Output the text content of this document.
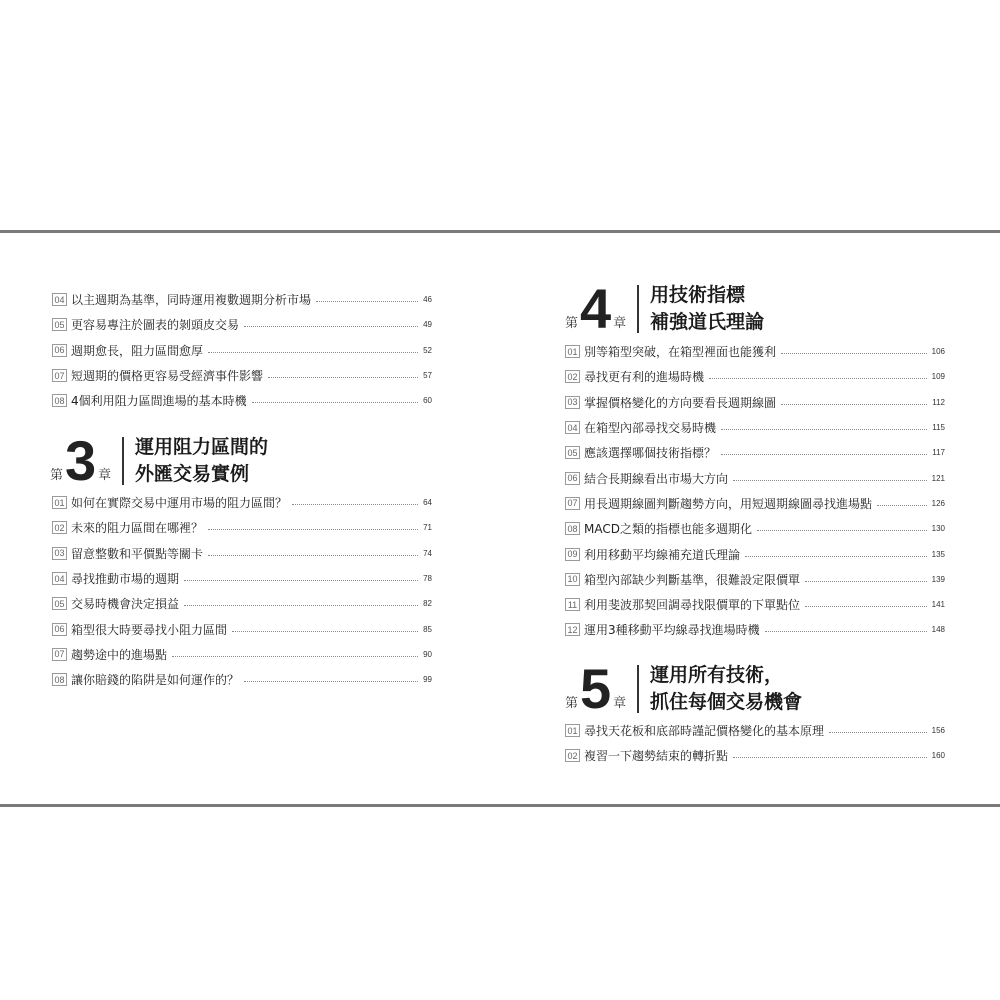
04 以主週期為基準，同時運用複數週期分析市場	46
05 更容易專注於圖表的剝頭皮交易	49
06 週期愈長，阻力區間愈厚	52
07 短週期的價格更容易受經濟事件影響	57
08 4個利用阻力區間進場的基本時機	60
第 3 章
運用阻力區間的
外匯交易實例
01 如何在實際交易中運用市場的阻力區間？	64
02 未來的阻力區間在哪裡？	71
03 留意整數和平價點等關卡	74
04 尋找推動市場的週期	78
05 交易時機會決定損益	82
06 箱型很大時要尋找小阻力區間	85
07 趨勢途中的進場點	90
08 讓你賠錢的陷阱是如何運作的？	99
第 4 章
用技術指標
補強道氏理論
01 別等箱型突破，在箱型裡面也能獲利	106
02 尋找更有利的進場時機	109
03 掌握價格變化的方向要看長週期線圖	112
04 在箱型內部尋找交易時機	115
05 應該選擇哪個技術指標？	117
06 結合長期線看出市場大方向	121
07 用長週期線圖判斷趨勢方向，用短週期線圖尋找進場點	126
08 MACD之類的指標也能多週期化	130
09 利用移動平均線補充道氏理論	135
10 箱型內部缺少判斷基準，很難設定限價單	139
11 利用斐波那契回調尋找限價單的下單點位	141
12 運用3種移動平均線尋找進場時機	148
第 5 章
運用所有技術，
抓住每個交易機會
01 尋找天花板和底部時謹記價格變化的基本原理	156
02 複習一下趨勢結束的轉折點	160
